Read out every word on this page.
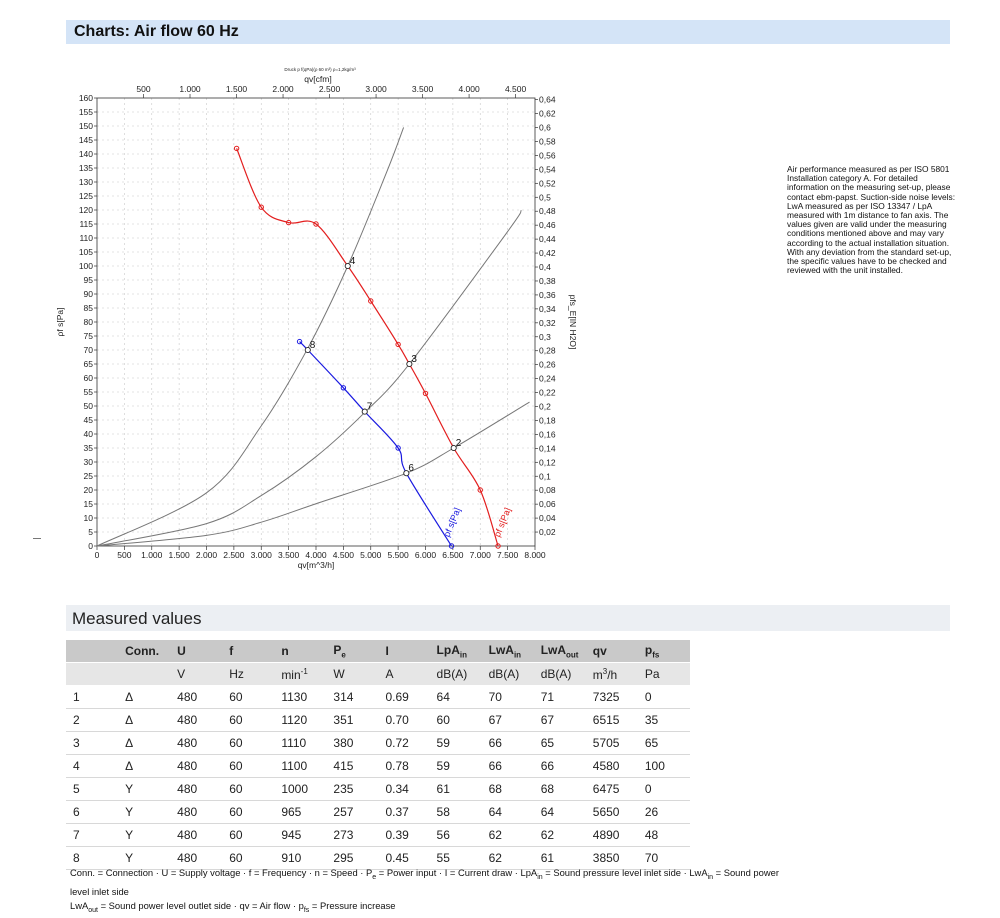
Charts: Air flow 60 Hz
0 500 1.000 1.500 2.000 2.500 3.000 3.500 4.000 4.500 5.000 5.500 6.000 6.500 7.000 7.500 8.000
qv[m^3/h]
500	1.000	1.500	2.000	2.500	3.000	3.500	4.000	4.500
qv[cfm]
Druck p f(qPa)(ρ 60 m³) ρ=1,2kg/m³
0
5
10
15
20
25
30
35
40
45
50
55
60
65
70
75
80
85
90
95
100
105
110
115
120
125
130
135
140
145
150
155
160
ρf s[Pa]
0,02
0,04
0,06
0,08
0,1
0,12
0,14
0,16
0,18
0,2
0,22
0,24
0,26
0,28
0,3
0,32
0,34
0,36
0,38
0,4
0,42
0,44
0,46
0,48
0,5
0,52
0,54
0,56
0,58
0,6
0,62
0,64
pfs_E[IN H2O]
2
3
4
6
7
8
ρf s[Pa]
ρf s[Pa]
Air performance measured as per ISO 5801 Installation category A. For detailed information on the measuring set-up, please contact ebm-papst. Suction-side noise levels: LwA measured as per ISO 13347 / LpA measured with 1m distance to fan axis. The values given are valid under the measuring conditions mentioned above and may vary according to the actual installation situation. With any deviation from the standard set-up, the specific values have to be checked and reviewed with the unit installed.
Measured values
	Conn.	U	f	n	$P_e$	I	LpA$_{in}$	LwA$_{in}$	LwA$_{out}$	qv	$p_{fs}$
		V	Hz	$\min^{-1}$	W	A	dB(A)	dB(A)	dB(A)	$m^3/h$	Pa
1	Δ	480	60	1130	314	0.69	64	70	71	7325	0
2	Δ	480	60	1120	351	0.70	60	67	67	6515	35
3	Δ	480	60	1110	380	0.72	59	66	65	5705	65
4	Δ	480	60	1100	415	0.78	59	66	66	4580	100
5	Y	480	60	1000	235	0.34	61	68	68	6475	0
6	Y	480	60	965	257	0.37	58	64	64	5650	26
7	Y	480	60	945	273	0.39	56	62	62	4890	48
8	Y	480	60	910	295	0.45	55	62	61	3850	70
Conn. = Connection · U = Supply voltage · f = Frequency · n = Speed · $P_e$ = Power input · I = Current draw · LpA$_{in}$ = Sound pressure level inlet side · LwA$_{in}$ = Sound power level inlet side
LwA$_{out}$ = Sound power level outlet side · qv = Air flow · $p_{fs}$ = Pressure increase
